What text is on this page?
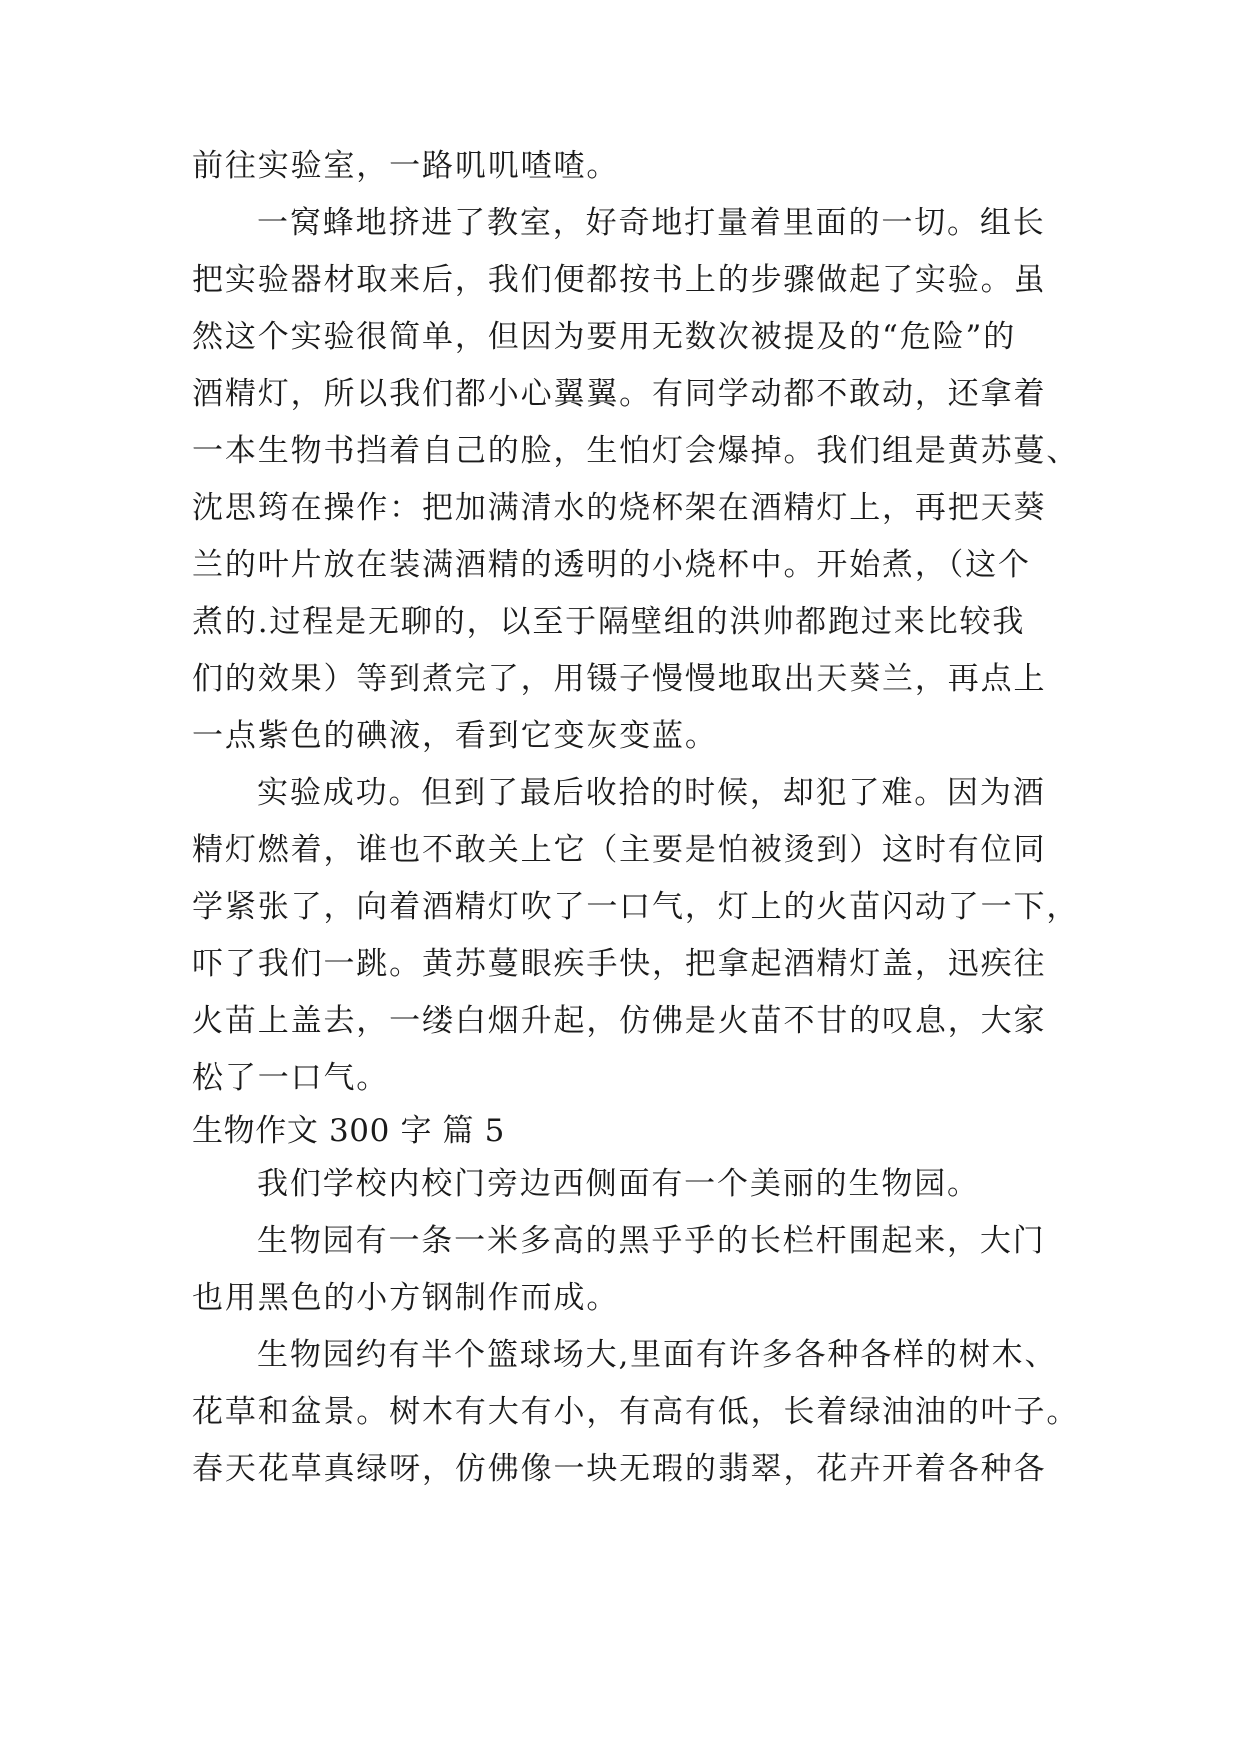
前往实验室，一路叽叽喳喳。
一窝蜂地挤进了教室，好奇地打量着里面的一切。组长
把实验器材取来后，我们便都按书上的步骤做起了实验。虽
然这个实验很简单，但因为要用无数次被提及的“危险”的
酒精灯，所以我们都小心翼翼。有同学动都不敢动，还拿着
一本生物书挡着自己的脸，生怕灯会爆掉。我们组是黄苏蔓、
沈思筠在操作：把加满清水的烧杯架在酒精灯上，再把天葵
兰的叶片放在装满酒精的透明的小烧杯中。开始煮，（这个
煮的.过程是无聊的，以至于隔壁组的洪帅都跑过来比较我
们的效果）等到煮完了，用镊子慢慢地取出天葵兰，再点上
一点紫色的碘液，看到它变灰变蓝。
实验成功。但到了最后收拾的时候，却犯了难。因为酒
精灯燃着，谁也不敢关上它（主要是怕被烫到）这时有位同
学紧张了，向着酒精灯吹了一口气，灯上的火苗闪动了一下，
吓了我们一跳。黄苏蔓眼疾手快，把拿起酒精灯盖，迅疾往
火苗上盖去，一缕白烟升起，仿佛是火苗不甘的叹息，大家
松了一口气。
生物作文 300 字 篇 5
我们学校内校门旁边西侧面有一个美丽的生物园。
生物园有一条一米多高的黑乎乎的长栏杆围起来，大门
也用黑色的小方钢制作而成。
生物园约有半个篮球场大,里面有许多各种各样的树木、
花草和盆景。树木有大有小，有高有低，长着绿油油的叶子。
春天花草真绿呀，仿佛像一块无瑕的翡翠，花卉开着各种各
